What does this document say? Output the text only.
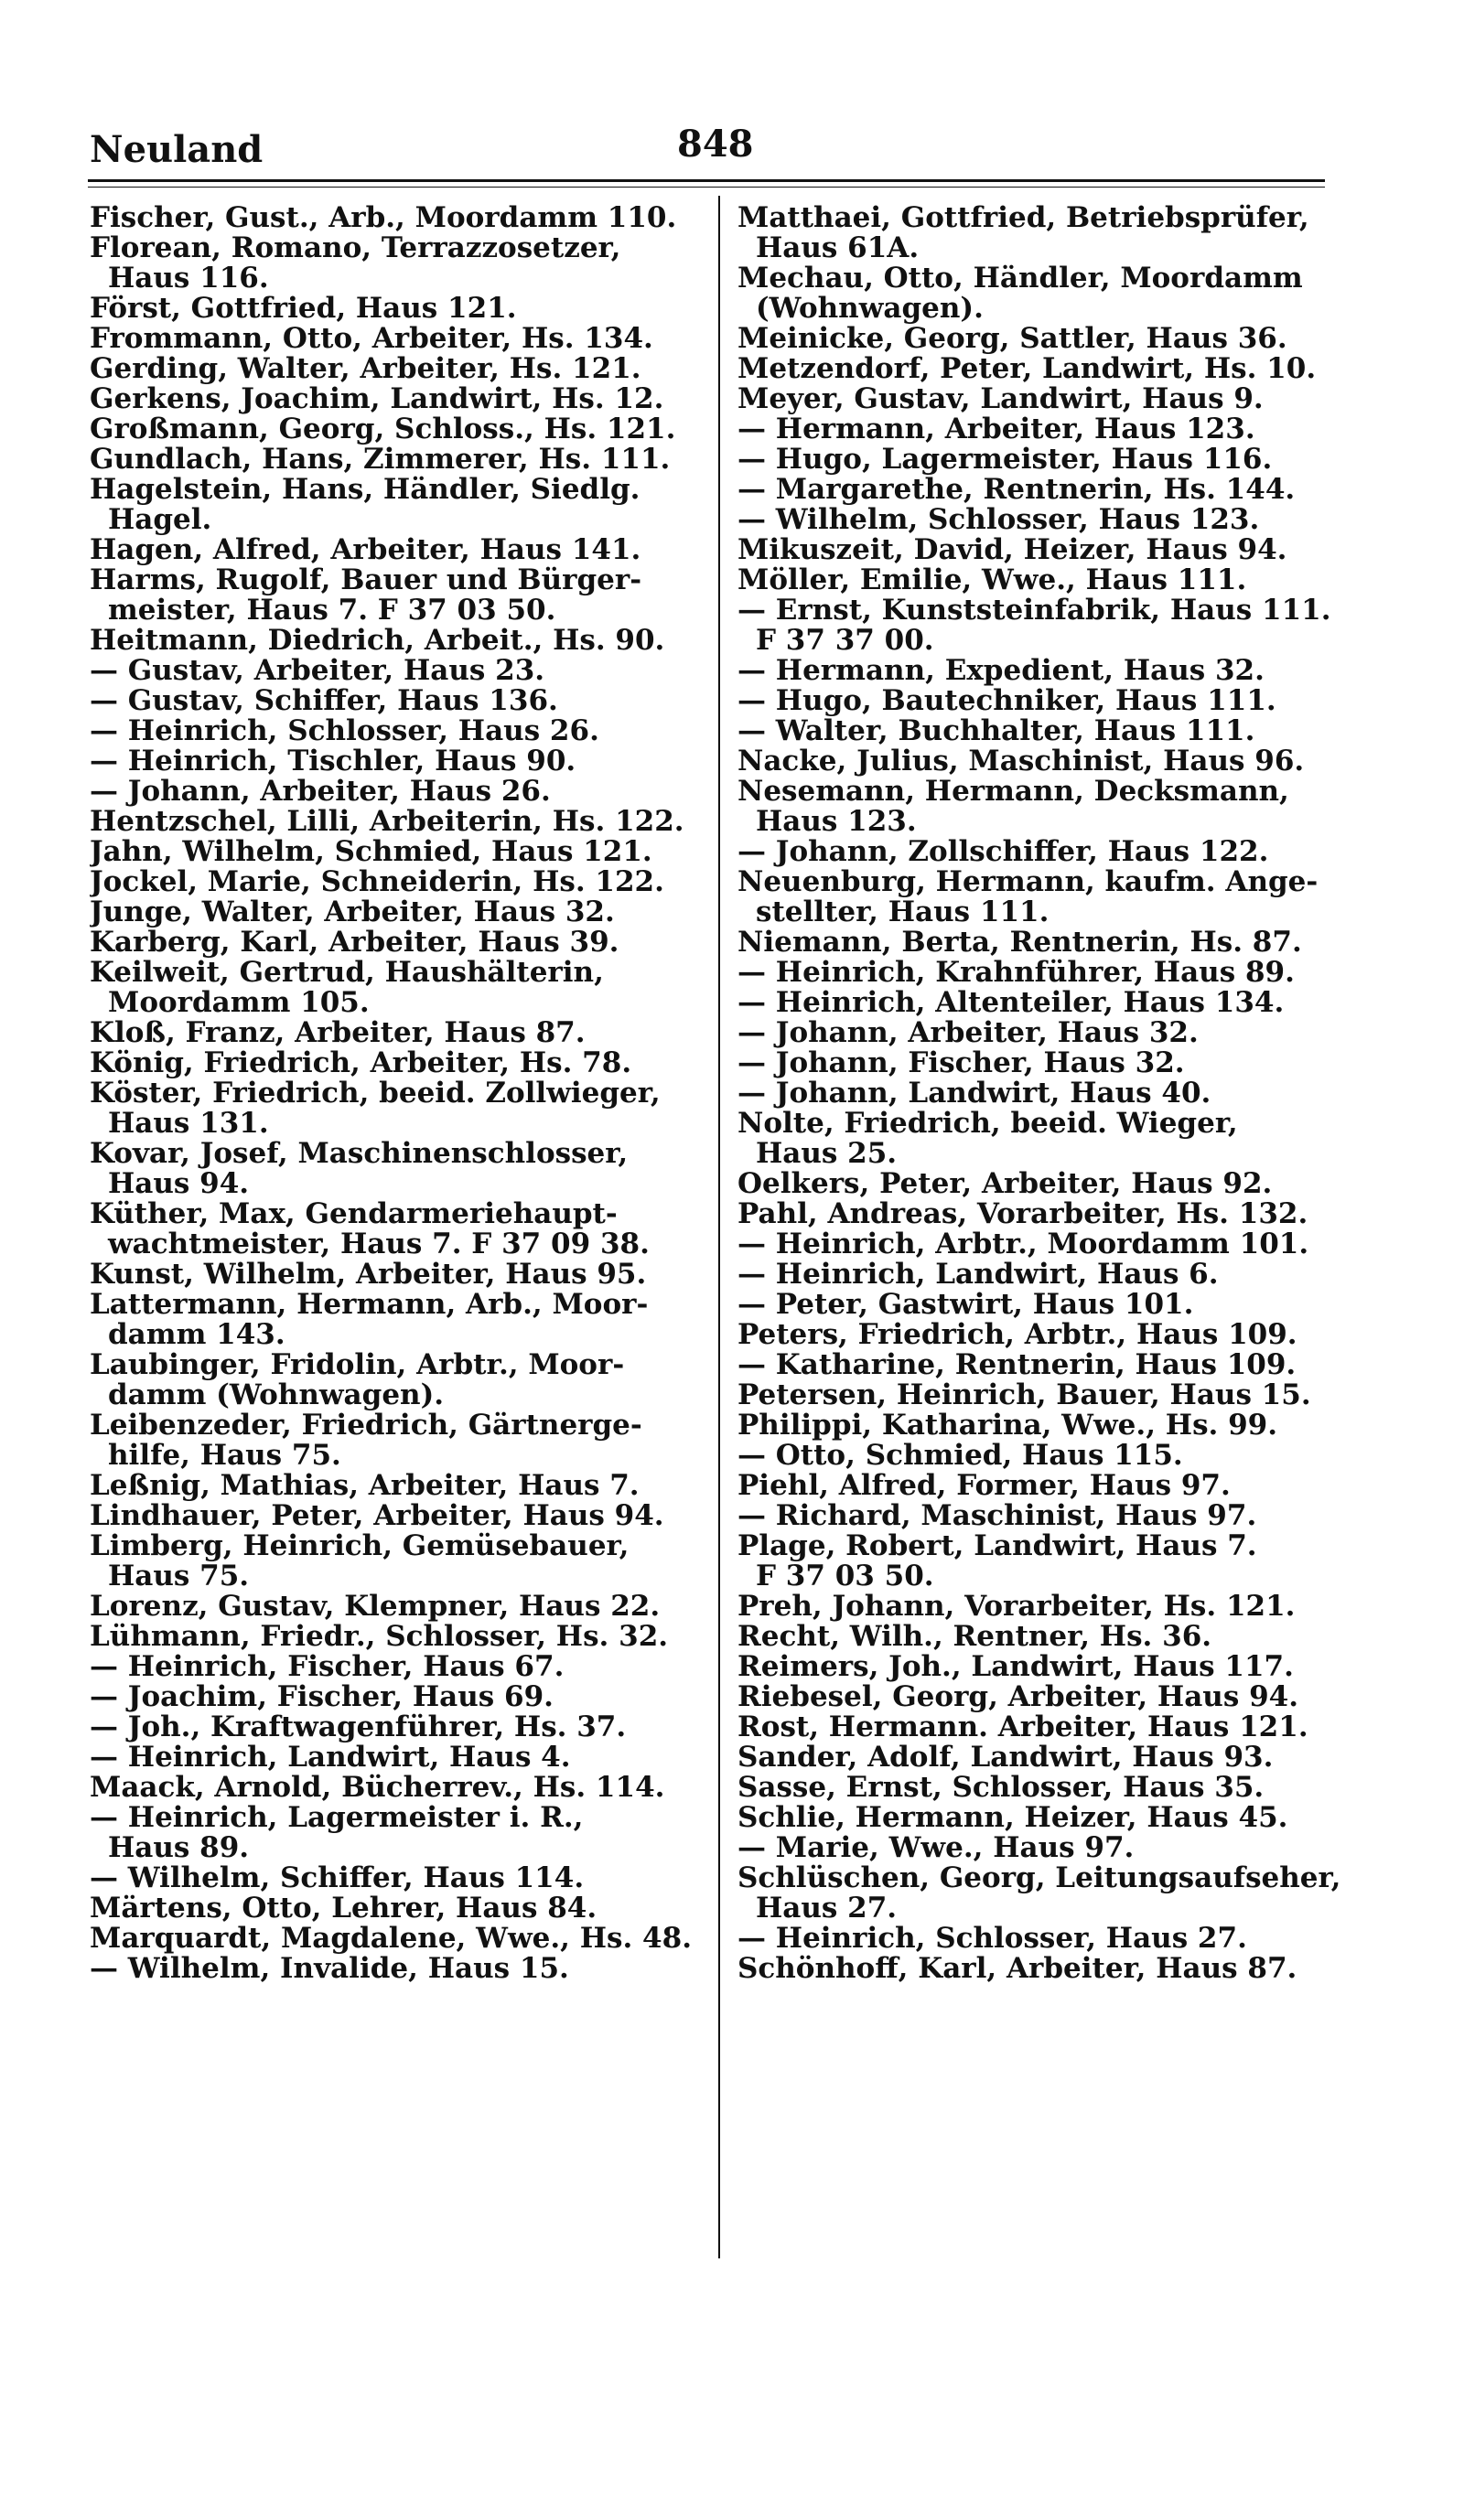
Neuland	848
Fischer, Gust., Arb., Moordamm 110.
Florean, Romano, Terrazzosetzer,
Haus 116.
Först, Gottfried, Haus 121.
Frommann, Otto, Arbeiter, Hs. 134.
Gerding, Walter, Arbeiter, Hs. 121.
Gerkens, Joachim, Landwirt, Hs. 12.
Großmann, Georg, Schloss., Hs. 121.
Gundlach, Hans, Zimmerer, Hs. 111.
Hagelstein, Hans, Händler, Siedlg.
Hagel.
Hagen, Alfred, Arbeiter, Haus 141.
Harms, Rugolf, Bauer und Bürger-
meister, Haus 7. F 37 03 50.
Heitmann, Diedrich, Arbeit., Hs. 90.
— Gustav, Arbeiter, Haus 23.
— Gustav, Schiffer, Haus 136.
— Heinrich, Schlosser, Haus 26.
— Heinrich, Tischler, Haus 90.
— Johann, Arbeiter, Haus 26.
Hentzschel, Lilli, Arbeiterin, Hs. 122.
Jahn, Wilhelm, Schmied, Haus 121.
Jockel, Marie, Schneiderin, Hs. 122.
Junge, Walter, Arbeiter, Haus 32.
Karberg, Karl, Arbeiter, Haus 39.
Keilweit, Gertrud, Haushälterin,
Moordamm 105.
Kloß, Franz, Arbeiter, Haus 87.
König, Friedrich, Arbeiter, Hs. 78.
Köster, Friedrich, beeid. Zollwieger,
Haus 131.
Kovar, Josef, Maschinenschlosser,
Haus 94.
Küther, Max, Gendarmeriehaupt-
wachtmeister, Haus 7. F 37 09 38.
Kunst, Wilhelm, Arbeiter, Haus 95.
Lattermann, Hermann, Arb., Moor-
damm 143.
Laubinger, Fridolin, Arbtr., Moor-
damm (Wohnwagen).
Leibenzeder, Friedrich, Gärtnerge-
hilfe, Haus 75.
Leßnig, Mathias, Arbeiter, Haus 7.
Lindhauer, Peter, Arbeiter, Haus 94.
Limberg, Heinrich, Gemüsebauer,
Haus 75.
Lorenz, Gustav, Klempner, Haus 22.
Lühmann, Friedr., Schlosser, Hs. 32.
— Heinrich, Fischer, Haus 67.
— Joachim, Fischer, Haus 69.
— Joh., Kraftwagenführer, Hs. 37.
— Heinrich, Landwirt, Haus 4.
Maack, Arnold, Bücherrev., Hs. 114.
— Heinrich, Lagermeister i. R.,
Haus 89.
— Wilhelm, Schiffer, Haus 114.
Märtens, Otto, Lehrer, Haus 84.
Marquardt, Magdalene, Wwe., Hs. 48.
— Wilhelm, Invalide, Haus 15.
Matthaei, Gottfried, Betriebsprüfer,
Haus 61A.
Mechau, Otto, Händler, Moordamm
(Wohnwagen).
Meinicke, Georg, Sattler, Haus 36.
Metzendorf, Peter, Landwirt, Hs. 10.
Meyer, Gustav, Landwirt, Haus 9.
— Hermann, Arbeiter, Haus 123.
— Hugo, Lagermeister, Haus 116.
— Margarethe, Rentnerin, Hs. 144.
— Wilhelm, Schlosser, Haus 123.
Mikuszeit, David, Heizer, Haus 94.
Möller, Emilie, Wwe., Haus 111.
— Ernst, Kunststeinfabrik, Haus 111.
F 37 37 00.
— Hermann, Expedient, Haus 32.
— Hugo, Bautechniker, Haus 111.
— Walter, Buchhalter, Haus 111.
Nacke, Julius, Maschinist, Haus 96.
Nesemann, Hermann, Decksmann,
Haus 123.
— Johann, Zollschiffer, Haus 122.
Neuenburg, Hermann, kaufm. Ange-
stellter, Haus 111.
Niemann, Berta, Rentnerin, Hs. 87.
— Heinrich, Krahnführer, Haus 89.
— Heinrich, Altenteiler, Haus 134.
— Johann, Arbeiter, Haus 32.
— Johann, Fischer, Haus 32.
— Johann, Landwirt, Haus 40.
Nolte, Friedrich, beeid. Wieger,
Haus 25.
Oelkers, Peter, Arbeiter, Haus 92.
Pahl, Andreas, Vorarbeiter, Hs. 132.
— Heinrich, Arbtr., Moordamm 101.
— Heinrich, Landwirt, Haus 6.
— Peter, Gastwirt, Haus 101.
Peters, Friedrich, Arbtr., Haus 109.
— Katharine, Rentnerin, Haus 109.
Petersen, Heinrich, Bauer, Haus 15.
Philippi, Katharina, Wwe., Hs. 99.
— Otto, Schmied, Haus 115.
Piehl, Alfred, Former, Haus 97.
— Richard, Maschinist, Haus 97.
Plage, Robert, Landwirt, Haus 7.
F 37 03 50.
Preh, Johann, Vorarbeiter, Hs. 121.
Recht, Wilh., Rentner, Hs. 36.
Reimers, Joh., Landwirt, Haus 117.
Riebesel, Georg, Arbeiter, Haus 94.
Rost, Hermann. Arbeiter, Haus 121.
Sander, Adolf, Landwirt, Haus 93.
Sasse, Ernst, Schlosser, Haus 35.
Schlie, Hermann, Heizer, Haus 45.
— Marie, Wwe., Haus 97.
Schlüschen, Georg, Leitungsaufseher,
Haus 27.
— Heinrich, Schlosser, Haus 27.
Schönhoff, Karl, Arbeiter, Haus 87.
